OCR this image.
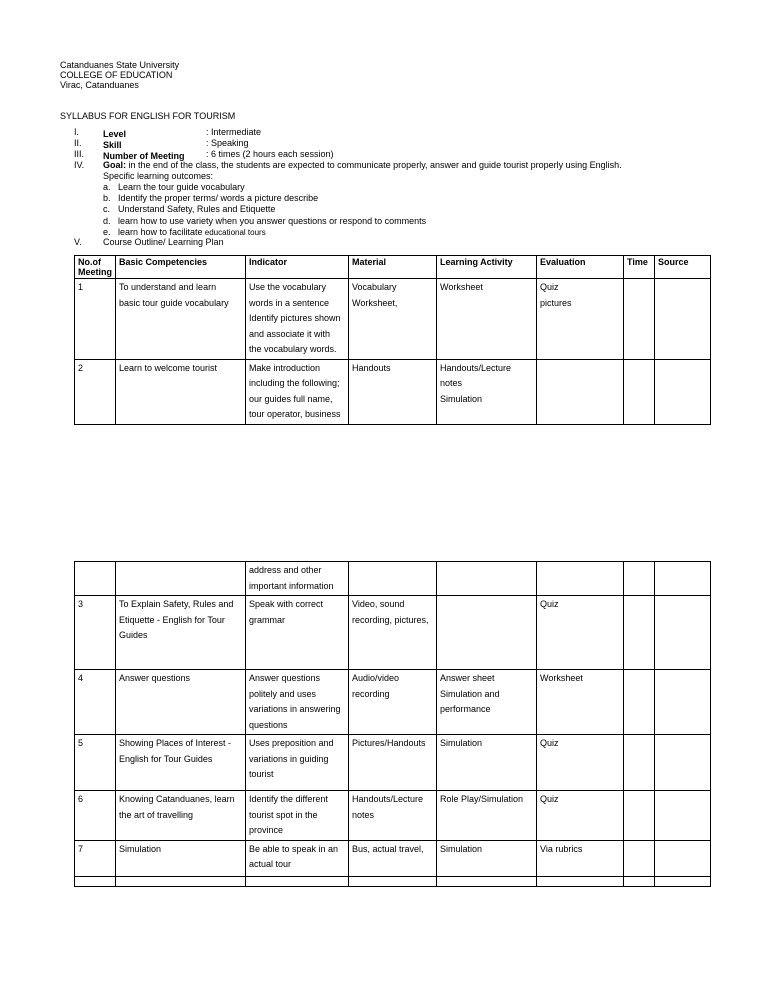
Catanduanes State University
COLLEGE OF EDUCATION
Virac, Catanduanes
SYLLABUS FOR ENGLISH FOR TOURISM
I.	Level	: Intermediate
II. Skill	: Speaking
III. Number of Meeting : 6 times (2 hours each session)
IV. Goal: in the end of the class, the students are expected to communicate properly, answer and guide tourist properly using English.
Specific learning outcomes:
a. Learn the tour guide vocabulary
b. Identify the proper terms/ words a picture describe
c. Understand Safety, Rules and Etiquette
d. learn how to use variety when you answer questions or respond to comments
e. learn how to facilitate educational tours
V. Course Outline/ Learning Plan
No.of
Meeting	Basic Competencies	Indicator	Material	Learning Activity	Evaluation	Time	Source
1	To understand and learn
basic tour guide vocabulary	Use the vocabulary
words in a sentence
Identify pictures shown
and associate it with
the vocabulary words.	Vocabulary
Worksheet,	Worksheet	Quiz
pictures		
2	Learn to welcome tourist	Make introduction
including the following;
our guides full name,
tour operator, business	Handouts	Handouts/Lecture
notes
Simulation			
		address and other
important information					
3	To Explain Safety, Rules and
Etiquette - English for Tour
Guides	Speak with correct
grammar	Video, sound
recording, pictures,		Quiz		
4	Answer questions	Answer questions
politely and uses
variations in answering
questions	Audio/video
recording	Answer sheet
Simulation and
performance	Worksheet		
5	Showing Places of Interest -
English for Tour Guides	Uses preposition and
variations in guiding
tourist	Pictures/Handouts	Simulation	Quiz		
6	Knowing Catanduanes, learn
the art of travelling	Identify the different
tourist spot in the
province	Handouts/Lecture
notes	Role Play/Simulation	Quiz		
7	Simulation	Be able to speak in an
actual tour	Bus, actual travel,	Simulation	Via rubrics		
